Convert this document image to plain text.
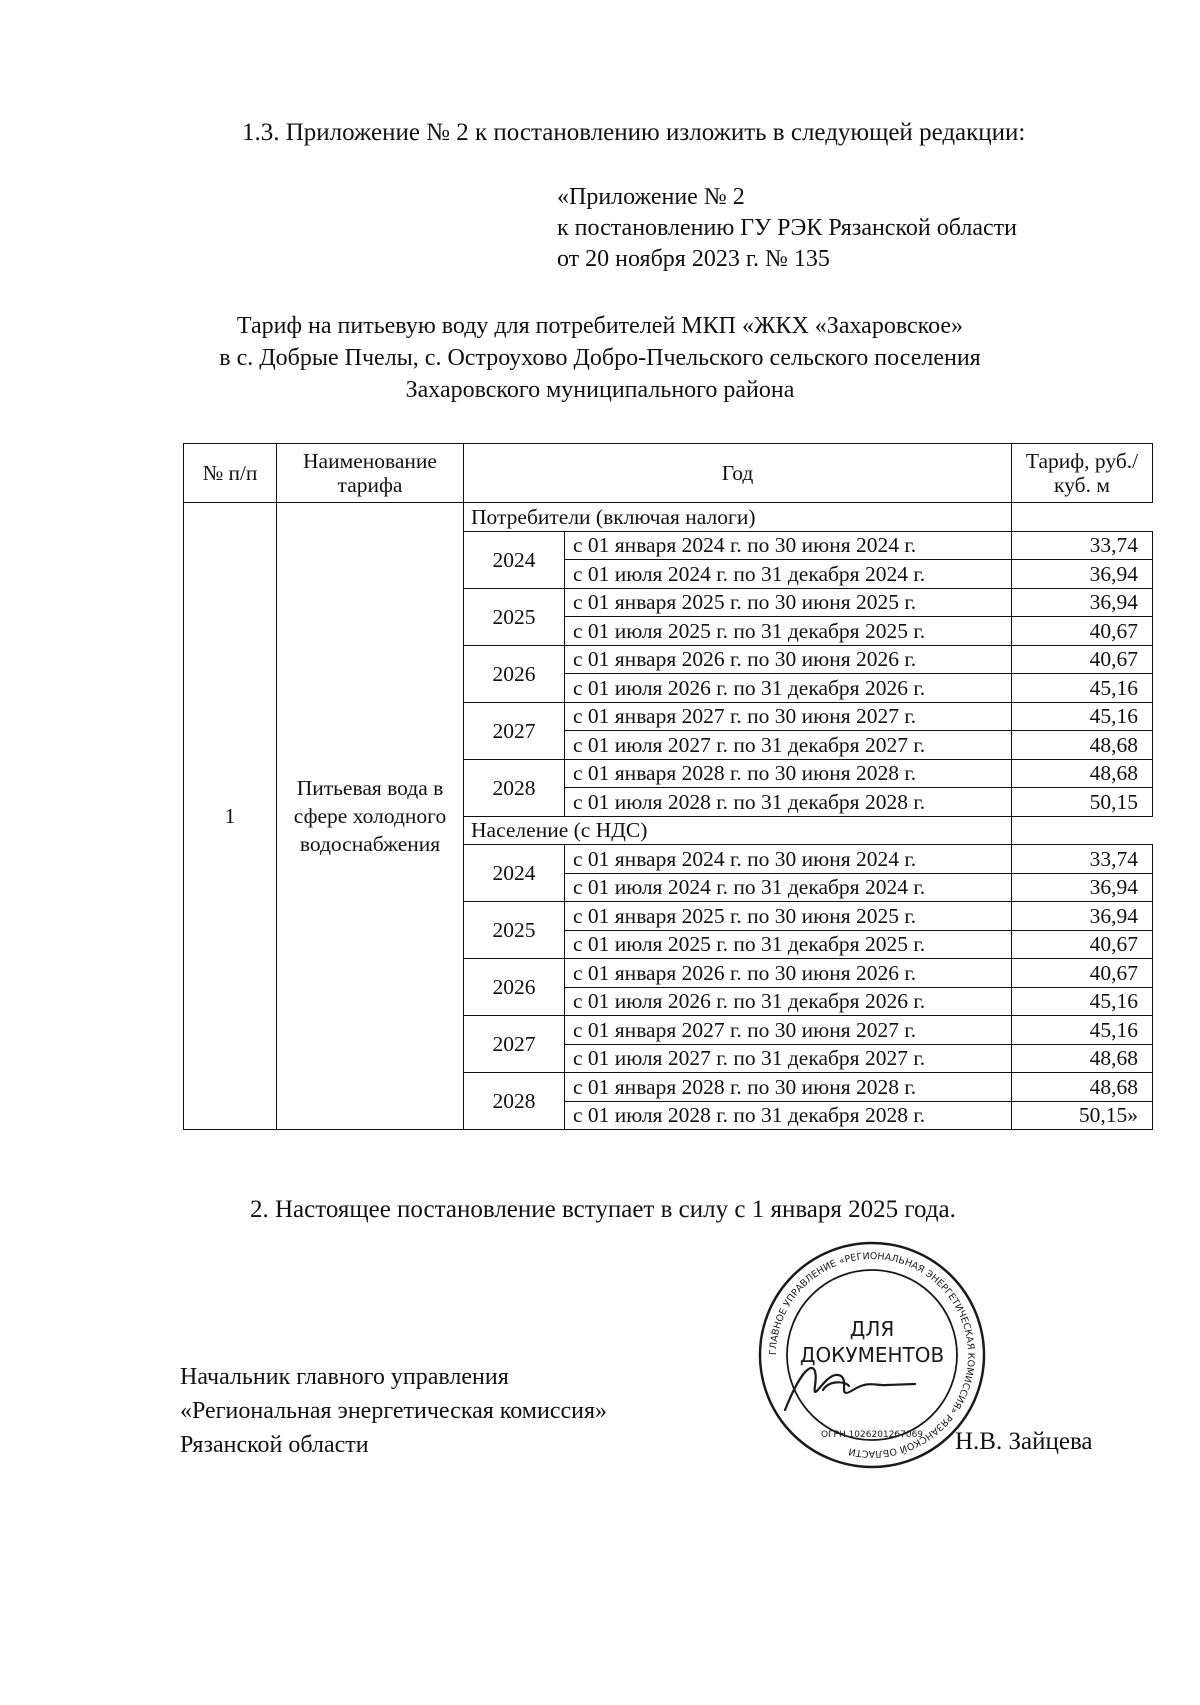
1.3. Приложение № 2 к постановлению изложить в следующей редакции:
«Приложение № 2
к постановлению ГУ РЭК Рязанской области
от 20 ноября 2023 г. № 135
Тариф на питьевую воду для потребителей МКП «ЖКХ «Захаровское»
в с. Добрые Пчелы, с. Остроухово Добро-Пчельского сельского поселения
Захаровского муниципального района
№ п/п	Наименование тарифа	Год		Тариф, руб./куб. м
1	Питьевая вода в сфере холодного водоснабжения	Потребители (включая налоги)		
		2024	с 01 января 2024 г. по 30 июня 2024 г.	33,74
			с 01 июля 2024 г. по 31 декабря 2024 г.	36,94
		2025	с 01 января 2025 г. по 30 июня 2025 г.	36,94
			с 01 июля 2025 г. по 31 декабря 2025 г.	40,67
		2026	с 01 января 2026 г. по 30 июня 2026 г.	40,67
			с 01 июля 2026 г. по 31 декабря 2026 г.	45,16
		2027	с 01 января 2027 г. по 30 июня 2027 г.	45,16
			с 01 июля 2027 г. по 31 декабря 2027 г.	48,68
		2028	с 01 января 2028 г. по 30 июня 2028 г.	48,68
			с 01 июля 2028 г. по 31 декабря 2028 г.	50,15
		Население (с НДС)		
		2024	с 01 января 2024 г. по 30 июня 2024 г.	33,74
			с 01 июля 2024 г. по 31 декабря 2024 г.	36,94
		2025	с 01 января 2025 г. по 30 июня 2025 г.	36,94
			с 01 июля 2025 г. по 31 декабря 2025 г.	40,67
		2026	с 01 января 2026 г. по 30 июня 2026 г.	40,67
			с 01 июля 2026 г. по 31 декабря 2026 г.	45,16
		2027	с 01 января 2027 г. по 30 июня 2027 г.	45,16
			с 01 июля 2027 г. по 31 декабря 2027 г.	48,68
		2028	с 01 января 2028 г. по 30 июня 2028 г.	48,68
			с 01 июля 2028 г. по 31 декабря 2028 г.	50,15»
2. Настоящее постановление вступает в силу с 1 января 2025 года.
Начальник главного управления
«Региональная энергетическая комиссия»
Рязанской области	Н.В. Зайцева
ГЛАВНОЕ УПРАВЛЕНИЕ «РЕГИОНАЛЬНАЯ ЭНЕРГЕТИЧЕСКАЯ КОМИССИЯ» РЯЗАНСКОЙ ОБЛАСТИ
ДЛЯ
ДОКУМЕНТОВ
ОГРН 1026201267069
